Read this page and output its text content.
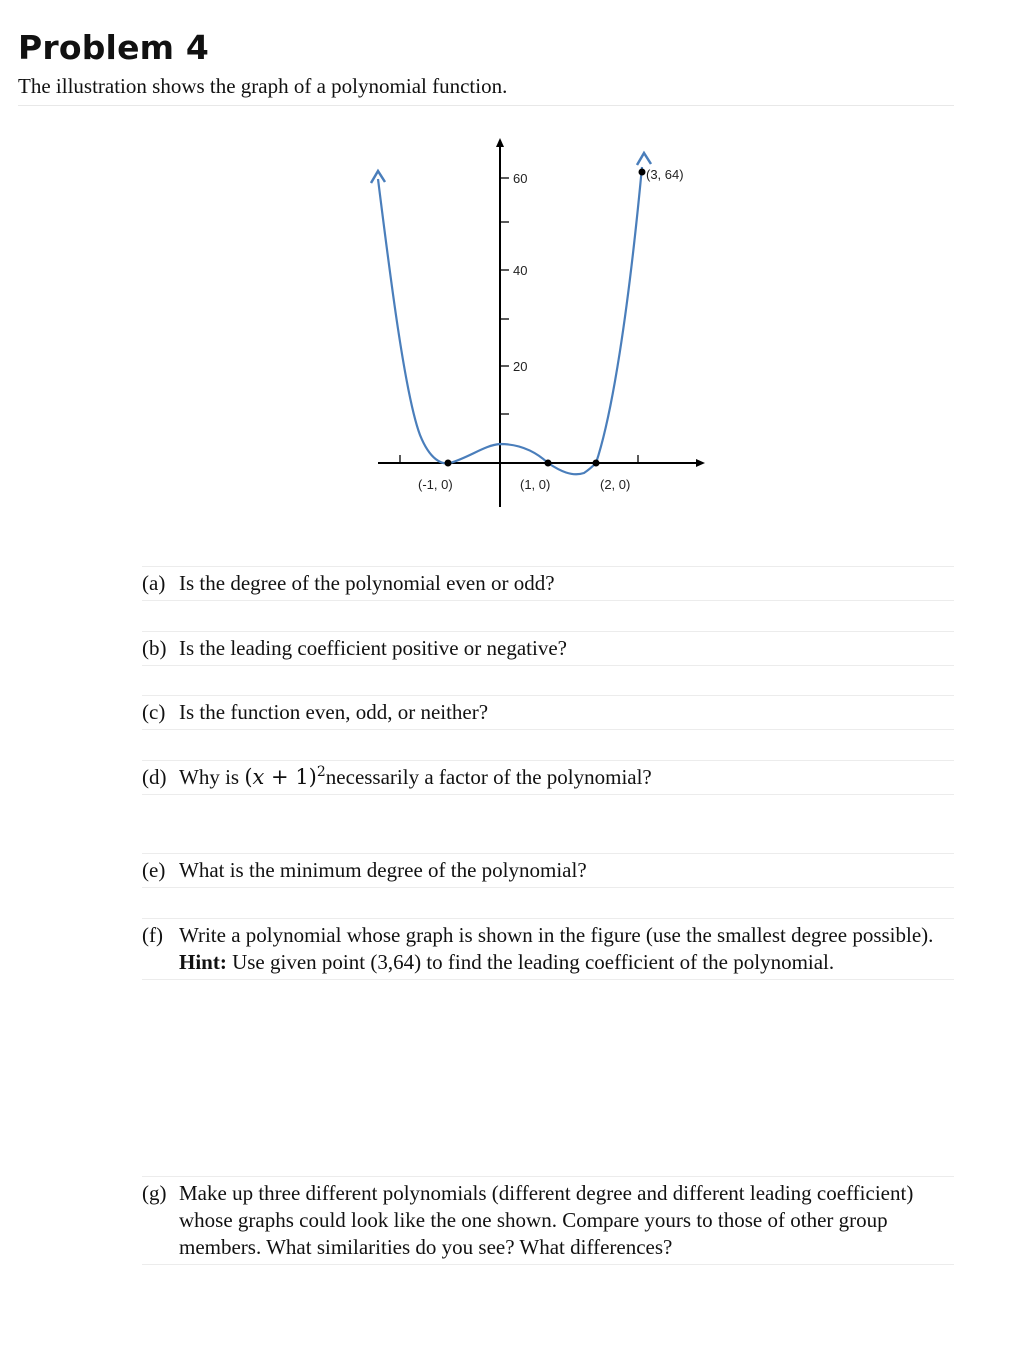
Problem 4
The illustration shows the graph of a polynomial function.
60
40
20
(-1, 0)	(1, 0)	(2, 0)
(3, 64)
(a) Is the degree of the polynomial even or odd?
(b) Is the leading coefficient positive or negative?
(c) Is the function even, odd, or neither?
(d) Why is $(x + 1)^2necessarily$ a factor of the polynomial?
(e) What is the minimum degree of the polynomial?
(f) Write a polynomial whose graph is shown in the figure (use the smallest degree possible). Hint: Use given point (3,64) to find the leading coefficient of the polynomial.
(g) Make up three different polynomials (different degree and different leading coefficient) whose graphs could look like the one shown. Compare yours to those of other group members. What similarities do you see? What differences?
